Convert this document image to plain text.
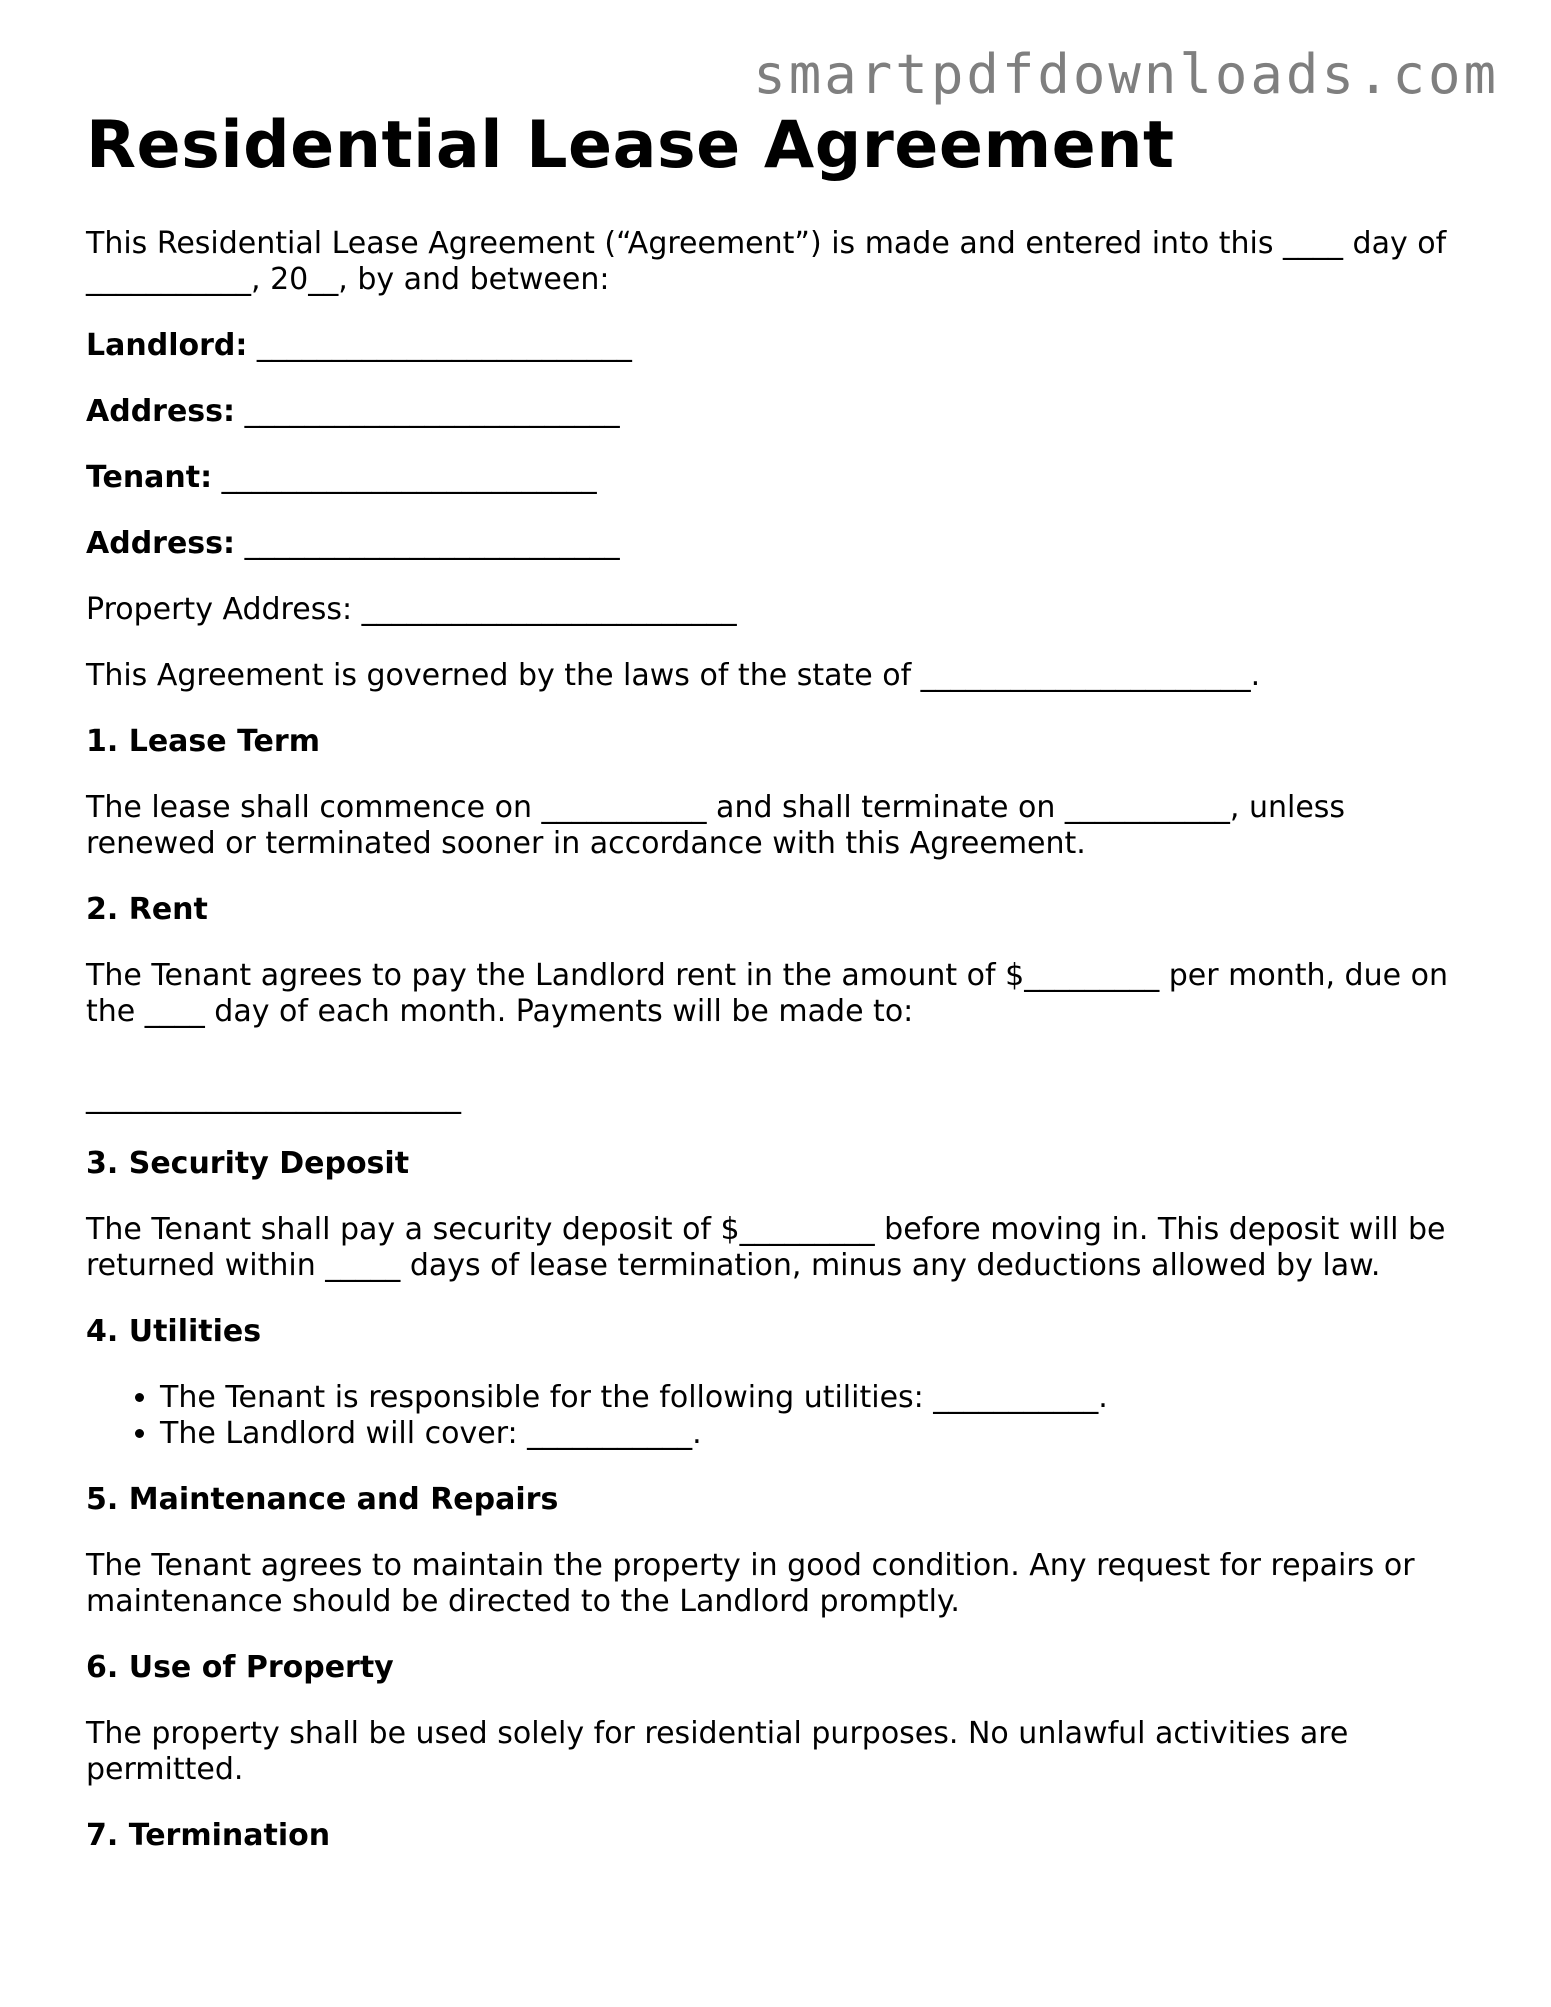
smartpdfdownloads.com
Residential Lease Agreement

This Residential Lease Agreement (“Agreement”) is made and entered into this ____ day of ___________, 20__, by and between:

Landlord: _________________________

Address: _________________________

Tenant: _________________________

Address: _________________________

Property Address: _________________________

This Agreement is governed by the laws of the state of ______________________.

1. Lease Term

The lease shall commence on ___________ and shall terminate on ___________, unless renewed or terminated sooner in accordance with this Agreement.

2. Rent

The Tenant agrees to pay the Landlord rent in the amount of $_________ per month, due on the ____ day of each month. Payments will be made to:

_________________________

3. Security Deposit

The Tenant shall pay a security deposit of $_________ before moving in. This deposit will be returned within _____ days of lease termination, minus any deductions allowed by law.

4. Utilities
• The Tenant is responsible for the following utilities: ___________.
• The Landlord will cover: ___________.
5. Maintenance and Repairs

The Tenant agrees to maintain the property in good condition. Any request for repairs or maintenance should be directed to the Landlord promptly.

6. Use of Property

The property shall be used solely for residential purposes. No unlawful activities are permitted.

7. Termination
